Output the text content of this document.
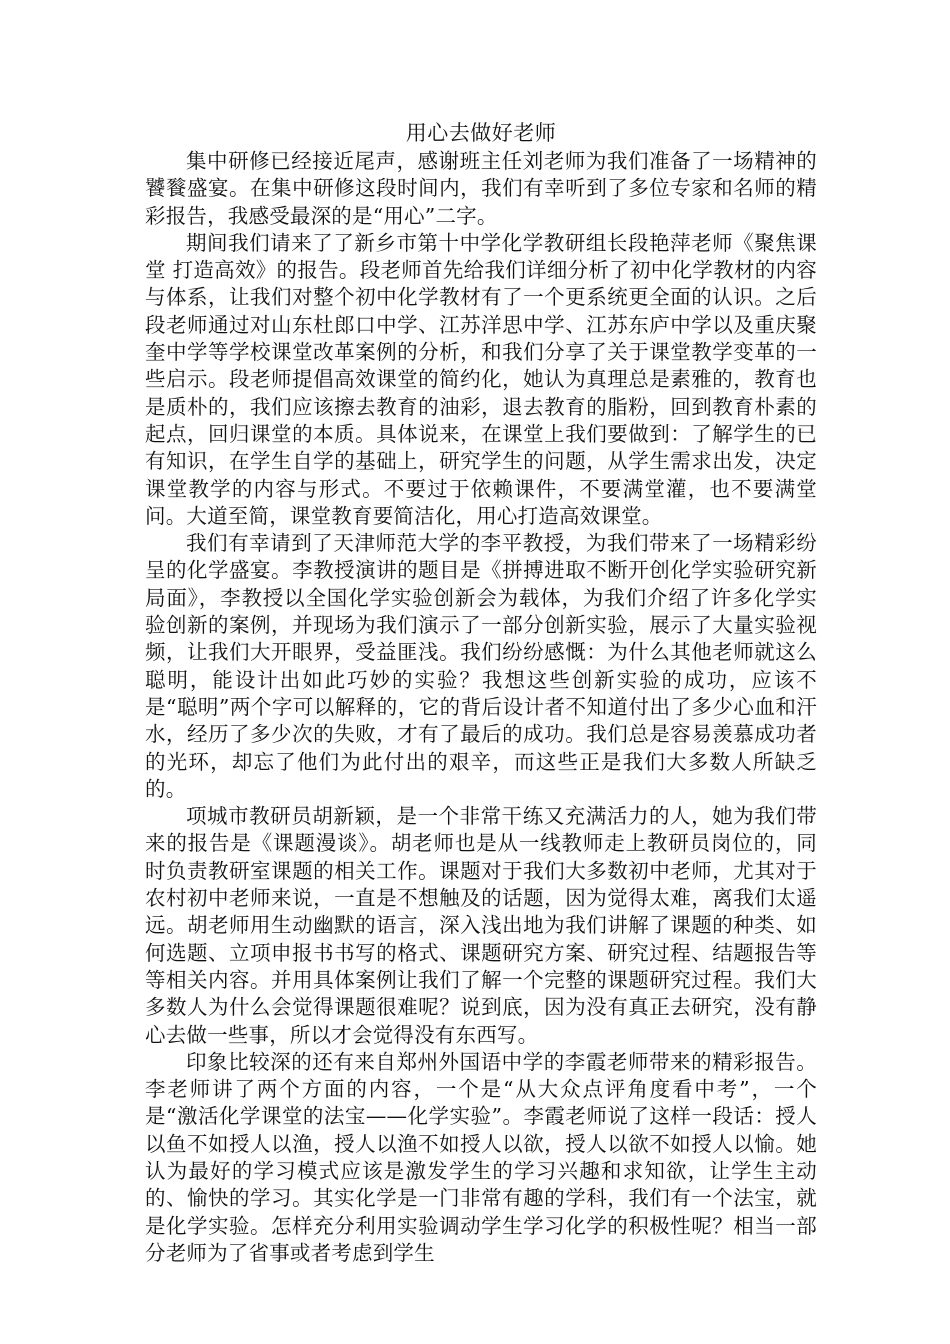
用心去做好老师

集中研修已经接近尾声，感谢班主任刘老师为我们准备了一场精神的饕餮盛宴。在集中研修这段时间内，我们有幸听到了多位专家和名师的精彩报告，我感受最深的是“用心”二字。

期间我们请来了了新乡市第十中学化学教研组长段艳萍老师《聚焦课堂 打造高效》的报告。段老师首先给我们详细分析了初中化学教材的内容与体系，让我们对整个初中化学教材有了一个更系统更全面的认识。之后段老师通过对山东杜郎口中学、江苏洋思中学、江苏东庐中学以及重庆聚奎中学等学校课堂改革案例的分析，和我们分享了关于课堂教学变革的一些启示。段老师提倡高效课堂的简约化，她认为真理总是素雅的，教育也是质朴的，我们应该擦去教育的油彩，退去教育的脂粉，回到教育朴素的起点，回归课堂的本质。具体说来，在课堂上我们要做到：了解学生的已有知识，在学生自学的基础上，研究学生的问题，从学生需求出发，决定课堂教学的内容与形式。不要过于依赖课件，不要满堂灌，也不要满堂问。大道至简，课堂教育要简洁化，用心打造高效课堂。

我们有幸请到了天津师范大学的李平教授，为我们带来了一场精彩纷呈的化学盛宴。李教授演讲的题目是《拼搏进取不断开创化学实验研究新局面》，李教授以全国化学实验创新会为载体，为我们介绍了许多化学实验创新的案例，并现场为我们演示了一部分创新实验，展示了大量实验视频，让我们大开眼界，受益匪浅。我们纷纷感慨：为什么其他老师就这么聪明，能设计出如此巧妙的实验？我想这些创新实验的成功，应该不是“聪明”两个字可以解释的，它的背后设计者不知道付出了多少心血和汗水，经历了多少次的失败，才有了最后的成功。我们总是容易羡慕成功者的光环，却忘了他们为此付出的艰辛，而这些正是我们大多数人所缺乏的。

项城市教研员胡新颖，是一个非常干练又充满活力的人，她为我们带来的报告是《课题漫谈》。胡老师也是从一线教师走上教研员岗位的，同时负责教研室课题的相关工作。课题对于我们大多数初中老师，尤其对于农村初中老师来说，一直是不想触及的话题，因为觉得太难，离我们太遥远。胡老师用生动幽默的语言，深入浅出地为我们讲解了课题的种类、如何选题、立项申报书书写的格式、课题研究方案、研究过程、结题报告等等相关内容。并用具体案例让我们了解一个完整的课题研究过程。我们大多数人为什么会觉得课题很难呢？说到底，因为没有真正去研究，没有静心去做一些事，所以才会觉得没有东西写。

印象比较深的还有来自郑州外国语中学的李霞老师带来的精彩报告。李老师讲了两个方面的内容，一个是“从大众点评角度看中考”，一个是“激活化学课堂的法宝——化学实验”。李霞老师说了这样一段话：授人以鱼不如授人以渔，授人以渔不如授人以欲，授人以欲不如授人以愉。她认为最好的学习模式应该是激发学生的学习兴趣和求知欲，让学生主动的、愉快的学习。其实化学是一门非常有趣的学科，我们有一个法宝，就是化学实验。怎样充分利用实验调动学生学习化学的积极性呢？相当一部分老师为了省事或者考虑到学生
